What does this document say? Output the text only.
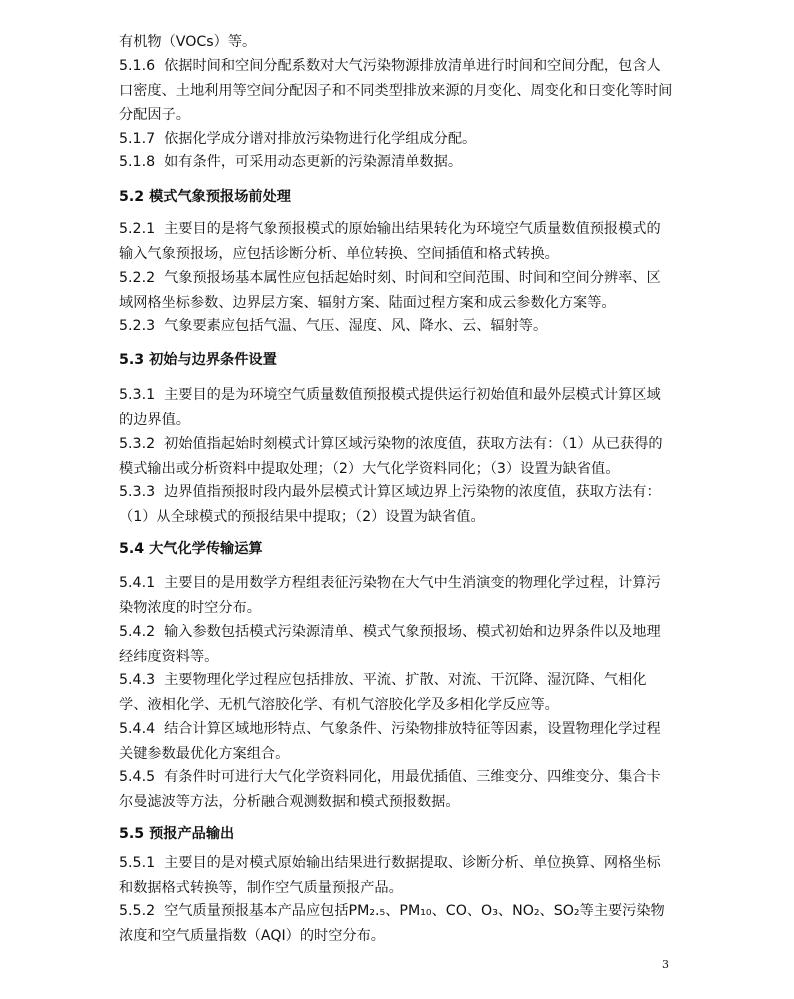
有机物（VOCs）等。
5.1.6  依据时间和空间分配系数对大气污染物源排放清单进行时间和空间分配，包含人口密度、土地利用等空间分配因子和不同类型排放来源的月变化、周变化和日变化等时间分配因子。
5.1.7  依据化学成分谱对排放污染物进行化学组成分配。
5.1.8  如有条件，可采用动态更新的污染源清单数据。
5.2 模式气象预报场前处理
5.2.1  主要目的是将气象预报模式的原始输出结果转化为环境空气质量数值预报模式的输入气象预报场，应包括诊断分析、单位转换、空间插值和格式转换。
5.2.2  气象预报场基本属性应包括起始时刻、时间和空间范围、时间和空间分辨率、区域网格坐标参数、边界层方案、辐射方案、陆面过程方案和成云参数化方案等。
5.2.3  气象要素应包括气温、气压、湿度、风、降水、云、辐射等。
5.3 初始与边界条件设置
5.3.1  主要目的是为环境空气质量数值预报模式提供运行初始值和最外层模式计算区域的边界值。
5.3.2  初始值指起始时刻模式计算区域污染物的浓度值，获取方法有：（1）从已获得的模式输出或分析资料中提取处理；（2）大气化学资料同化；（3）设置为缺省值。
5.3.3  边界值指预报时段内最外层模式计算区域边界上污染物的浓度值，获取方法有：（1）从全球模式的预报结果中提取；（2）设置为缺省值。
5.4 大气化学传输运算
5.4.1  主要目的是用数学方程组表征污染物在大气中生消演变的物理化学过程，计算污染物浓度的时空分布。
5.4.2  输入参数包括模式污染源清单、模式气象预报场、模式初始和边界条件以及地理经纬度资料等。
5.4.3  主要物理化学过程应包括排放、平流、扩散、对流、干沉降、湿沉降、气相化学、液相化学、无机气溶胶化学、有机气溶胶化学及多相化学反应等。
5.4.4  结合计算区域地形特点、气象条件、污染物排放特征等因素，设置物理化学过程关键参数最优化方案组合。
5.4.5  有条件时可进行大气化学资料同化，用最优插值、三维变分、四维变分、集合卡尔曼滤波等方法，分析融合观测数据和模式预报数据。
5.5 预报产品输出
5.5.1  主要目的是对模式原始输出结果进行数据提取、诊断分析、单位换算、网格坐标和数据格式转换等，制作空气质量预报产品。
5.5.2  空气质量预报基本产品应包括PM₂.₅、PM₁₀、CO、O₃、NO₂、SO₂等主要污染物浓度和空气质量指数（AQI）的时空分布。
3
